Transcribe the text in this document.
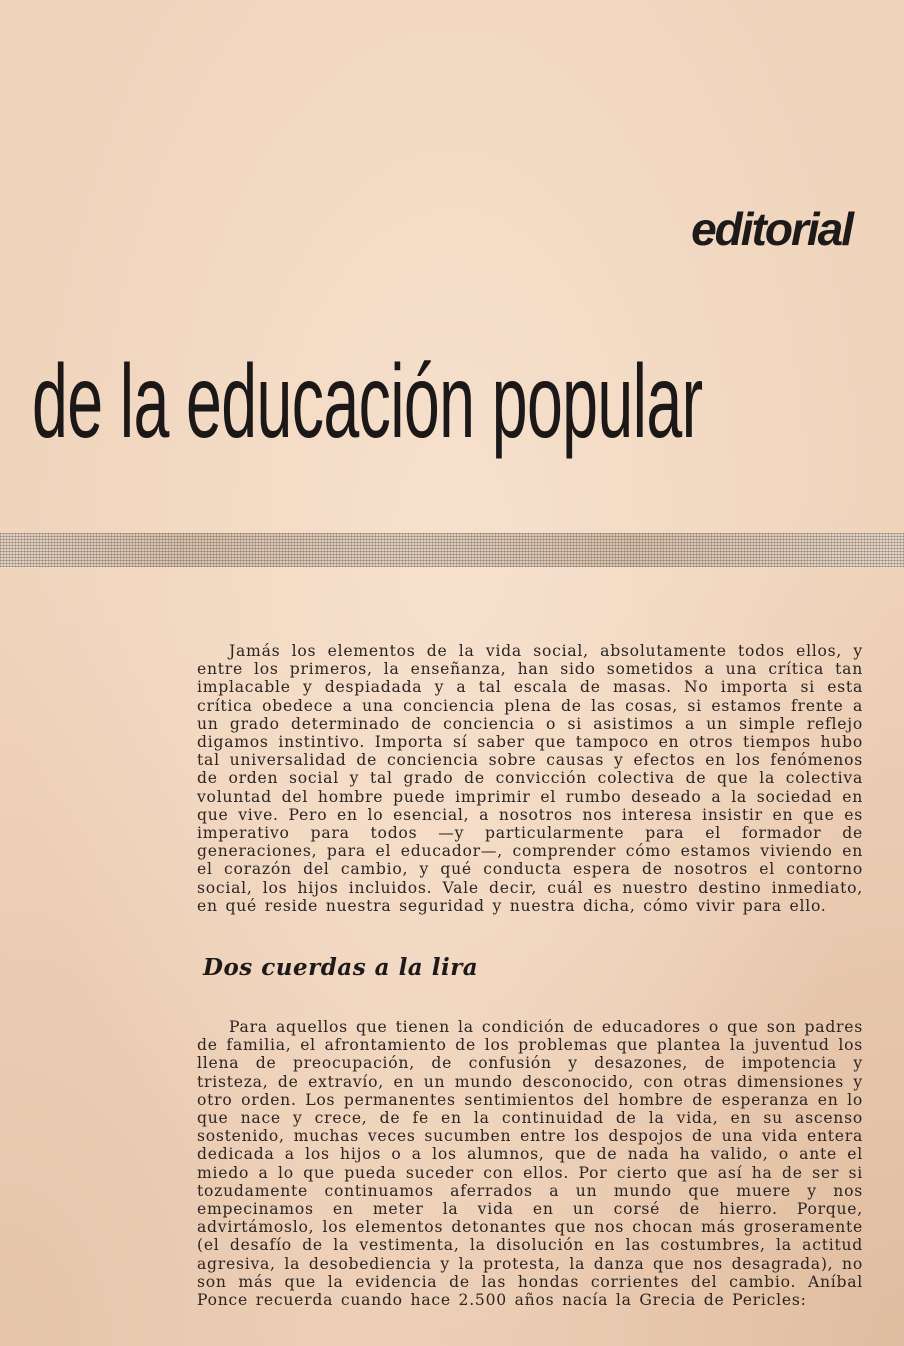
editorial
de la educación popular

Jamás los elementos de la vida social, absolutamente todos ellos, y entre los primeros, la enseñanza, han sido sometidos a una crítica tan implacable y despiadada y a tal escala de masas. No importa si esta crítica obedece a una conciencia plena de las cosas, si estamos frente a un grado determinado de conciencia o si asistimos a un simple reflejo digamos instintivo. Importa sí saber que tampoco en otros tiempos hubo tal universalidad de conciencia sobre causas y efectos en los fenómenos de orden social y tal grado de convicción colectiva de que la colectiva voluntad del hombre puede imprimir el rumbo deseado a la sociedad en que vive. Pero en lo esencial, a nosotros nos interesa insistir en que es imperativo para todos —y particularmente para el formador de generaciones, para el educador—, comprender cómo estamos viviendo en el corazón del cambio, y qué conducta espera de nosotros el contorno social, los hijos incluidos. Vale decir, cuál es nuestro destino inmediato, en qué reside nuestra seguridad y nuestra dicha, cómo vivir para ello.

Dos cuerdas a la lira

Para aquellos que tienen la condición de educadores o que son padres de familia, el afrontamiento de los problemas que plantea la juventud los llena de preocupación, de confusión y desazones, de impotencia y tristeza, de extravío, en un mundo desconocido, con otras dimensiones y otro orden. Los permanentes sentimientos del hombre de esperanza en lo que nace y crece, de fe en la continuidad de la vida, en su ascenso sostenido, muchas veces sucumben entre los despojos de una vida entera dedicada a los hijos o a los alumnos, que de nada ha valido, o ante el miedo a lo que pueda suceder con ellos. Por cierto que así ha de ser si tozudamente continuamos aferrados a un mundo que muere y nos empecinamos en meter la vida en un corsé de hierro. Porque, advirtámoslo, los elementos detonantes que nos chocan más groseramente (el desafío de la vestimenta, la disolución en las costumbres, la actitud agresiva, la desobediencia y la protesta, la danza que nos desagrada), no son más que la evidencia de las hondas corrientes del cambio. Aníbal Ponce recuerda cuando hace 2.500 años nacía la Grecia de Pericles:
